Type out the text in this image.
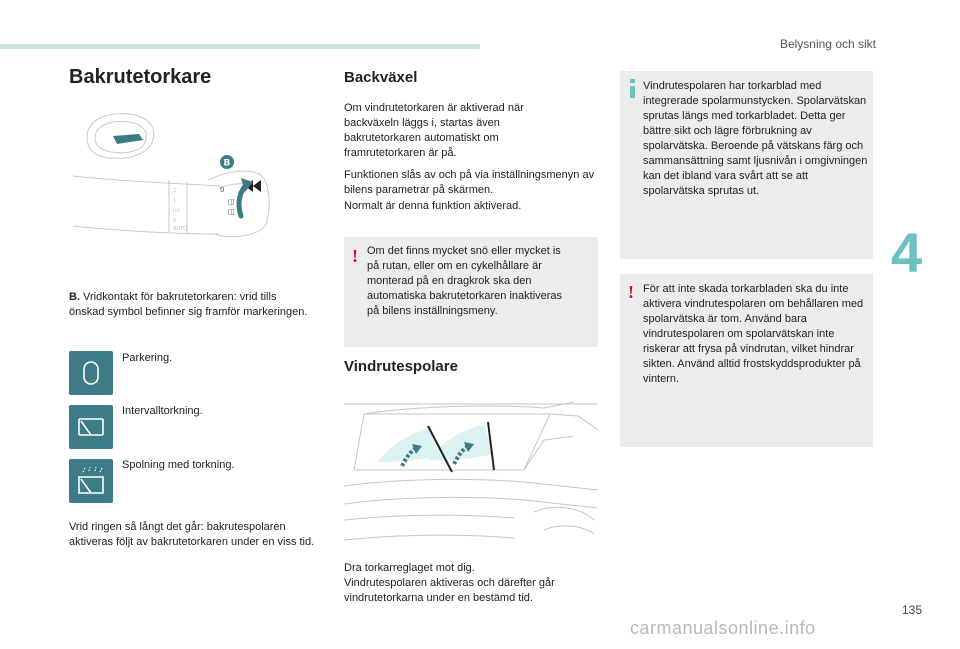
Belysning och sikt
4
135
carmanualsonline.info
Bakrutetorkare
2
1
Int
0
AUTO
0
◫
◫
B

B. Vridkontakt för bakrutetorkaren: vrid tills önskad symbol befinner sig framför markeringen.

Parkering.

Intervalltorkning.

Spolning med torkning.

Vrid ringen så långt det går: bakrutespolaren aktiveras följt av bakrutetorkaren under en viss tid.

Backväxel

Om vindrutetorkaren är aktiverad när backväxeln läggs i, startas även bakrutetorkaren automatiskt om framrutetorkaren är på.

Funktionen slås av och på via inställningsmenyn av bilens parametrar på skärmen.

Normalt är denna funktion aktiverad.

! Om det finns mycket snö eller mycket is på rutan, eller om en cykelhållare är monterad på en dragkrok ska den automatiska bakrutetorkaren inaktiveras på bilens inställningsmeny.

Vindrutespolare

Dra torkarreglaget mot dig.

Vindrutespolaren aktiveras och därefter går vindrutetorkarna under en bestämd tid.

Vindrutespolaren har torkarblad med integrerade spolarmunstycken. Spolarvätskan sprutas längs med torkarbladet. Detta ger bättre sikt och lägre förbrukning av spolarvätska. Beroende på vätskans färg och sammansättning samt ljusnivån i omgivningen kan det ibland vara svårt att se att spolarvätska sprutas ut.

! För att inte skada torkarbladen ska du inte aktivera vindrutespolaren om behållaren med spolarvätska är tom. Använd bara vindrutespolaren om spolarvätskan inte riskerar att frysa på vindrutan, vilket hindrar sikten. Använd alltid frostskyddsprodukter på vintern.
